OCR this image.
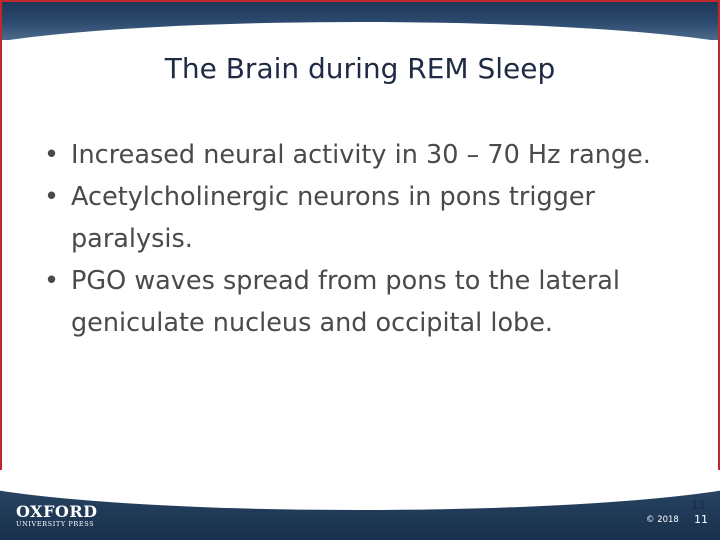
The Brain during REM Sleep
• Increased neural activity in 30 – 70 Hz range.
• Acetylcholinergic neurons in pons trigger paralysis.
• PGO waves spread from pons to the lateral geniculate nucleus and occipital lobe.
OXFORD
UNIVERSITY PRESS	© 2018
11
11
